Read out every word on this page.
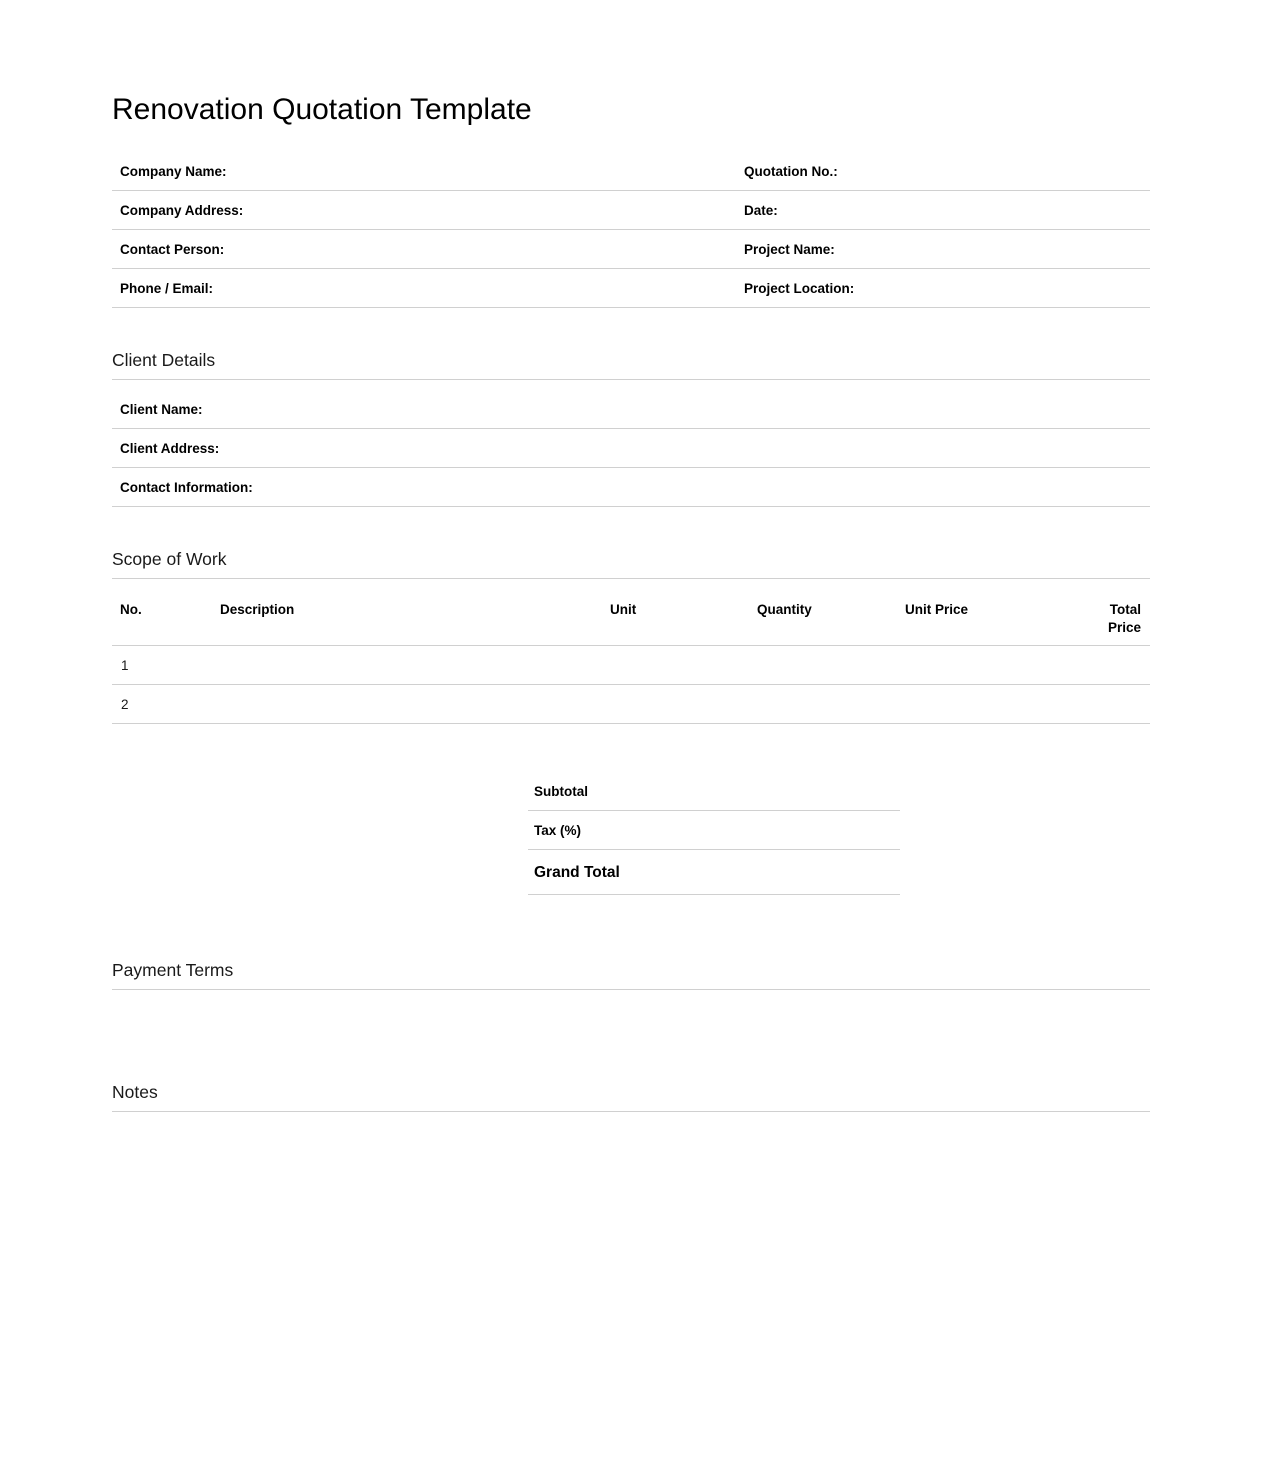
Renovation Quotation Template
Company Name:	Quotation No.:
Company Address:	Date:
Contact Person:	Project Name:
Phone / Email:	Project Location:
Client Details
Client Name:
Client Address:
Contact Information:
Scope of Work
No.	Description	Unit	Quantity	Unit Price	Total Price
1
2
Subtotal
Tax (%)
Grand Total
Payment Terms
Notes
